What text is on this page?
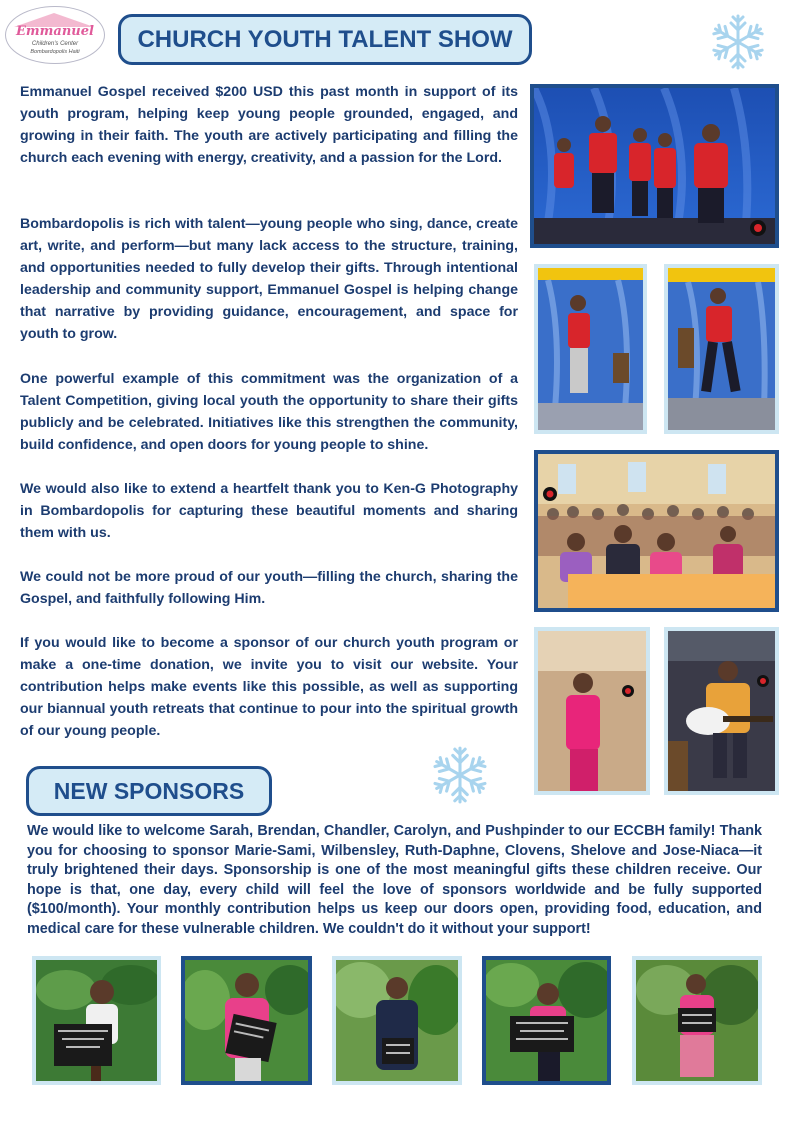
Emmanuel
Children's Center
Bombardopolis Haiti	CHURCH YOUTH TALENT SHOW

Emmanuel Gospel received $200 USD this past month in support of its youth program, helping keep young people grounded, engaged, and growing in their faith. The youth are actively participating and filling the church each evening with energy, creativity, and a passion for the Lord.

Bombardopolis is rich with talent—young people who sing, dance, create art, write, and perform—but many lack access to the structure, training, and opportunities needed to fully develop their gifts. Through intentional leadership and community support, Emmanuel Gospel is helping change that narrative by providing guidance, encouragement, and space for youth to grow.

One powerful example of this commitment was the organization of a Talent Competition, giving local youth the opportunity to share their gifts publicly and be celebrated. Initiatives like this strengthen the community, build confidence, and open doors for young people to shine.

We would also like to extend a heartfelt thank you to Ken-G Photography in Bombardopolis for capturing these beautiful moments and sharing them with us.

We could not be more proud of our youth—filling the church, sharing the Gospel, and faithfully following Him.

If you would like to become a sponsor of our church youth program or make a one-time donation, we invite you to visit our website. Your contribution helps make events like this possible, as well as supporting our biannual youth retreats that continue to pour into the spiritual growth of our young people.

NEW SPONSORS

We would like to welcome Sarah, Brendan, Chandler, Carolyn, and Pushpinder to our ECCBH family! Thank you for choosing to sponsor Marie-Sami, Wilbensley, Ruth-Daphne, Clovens, Shelove and Jose-Niaca—it truly brightened their days. Sponsorship is one of the most meaningful gifts these children receive. Our hope is that, one day, every child will feel the love of sponsors worldwide and be fully supported ($100/month). Your monthly contribution helps us keep our doors open, providing food, education, and medical care for these vulnerable children. We couldn't do it without your support!
